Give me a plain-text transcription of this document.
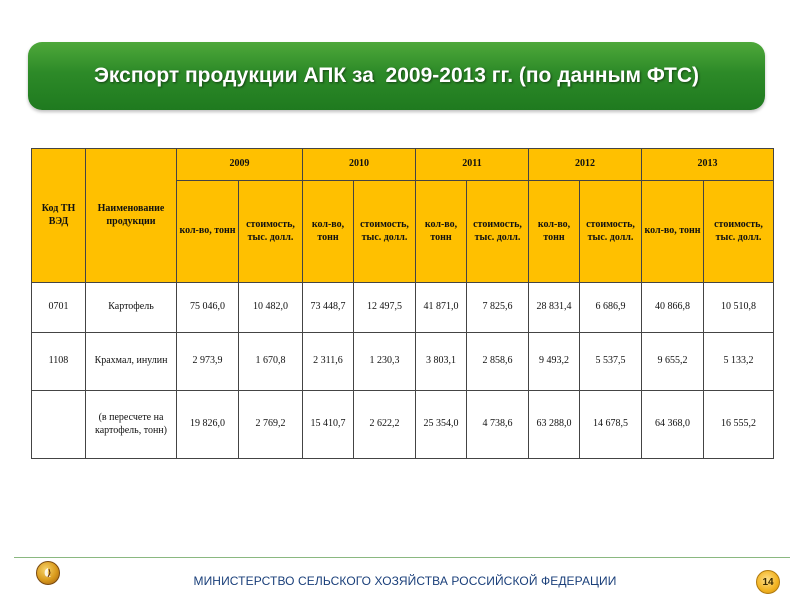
Экспорт продукции АПК за  2009-2013 гг. (по данным ФТС)
Код ТН ВЭД	Наименование продукции	2009		2010		2011		2012		2013	
		кол-во, тонн	стоимость, тыс. долл.	кол-во, тонн	стоимость, тыс. долл.	кол-во, тонн	стоимость, тыс. долл.	кол-во, тонн	стоимость, тыс. долл.	кол-во, тонн	стоимость, тыс. долл.
0701	Картофель	75 046,0	10 482,0	73 448,7	12 497,5	41 871,0	7 825,6	28 831,4	6 686,9	40 866,8	10 510,8
1108	Крахмал, инулин	2 973,9	1 670,8	2 311,6	1 230,3	3 803,1	2 858,6	9 493,2	5 537,5	9 655,2	5 133,2
	(в пересчете на картофель, тонн)	19 826,0	2 769,2	15 410,7	2 622,2	25 354,0	4 738,6	63 288,0	14 678,5	64 368,0	16 555,2
МИНИСТЕРСТВО СЕЛЬСКОГО ХОЗЯЙСТВА РОССИЙСКОЙ ФЕДЕРАЦИИ	14
